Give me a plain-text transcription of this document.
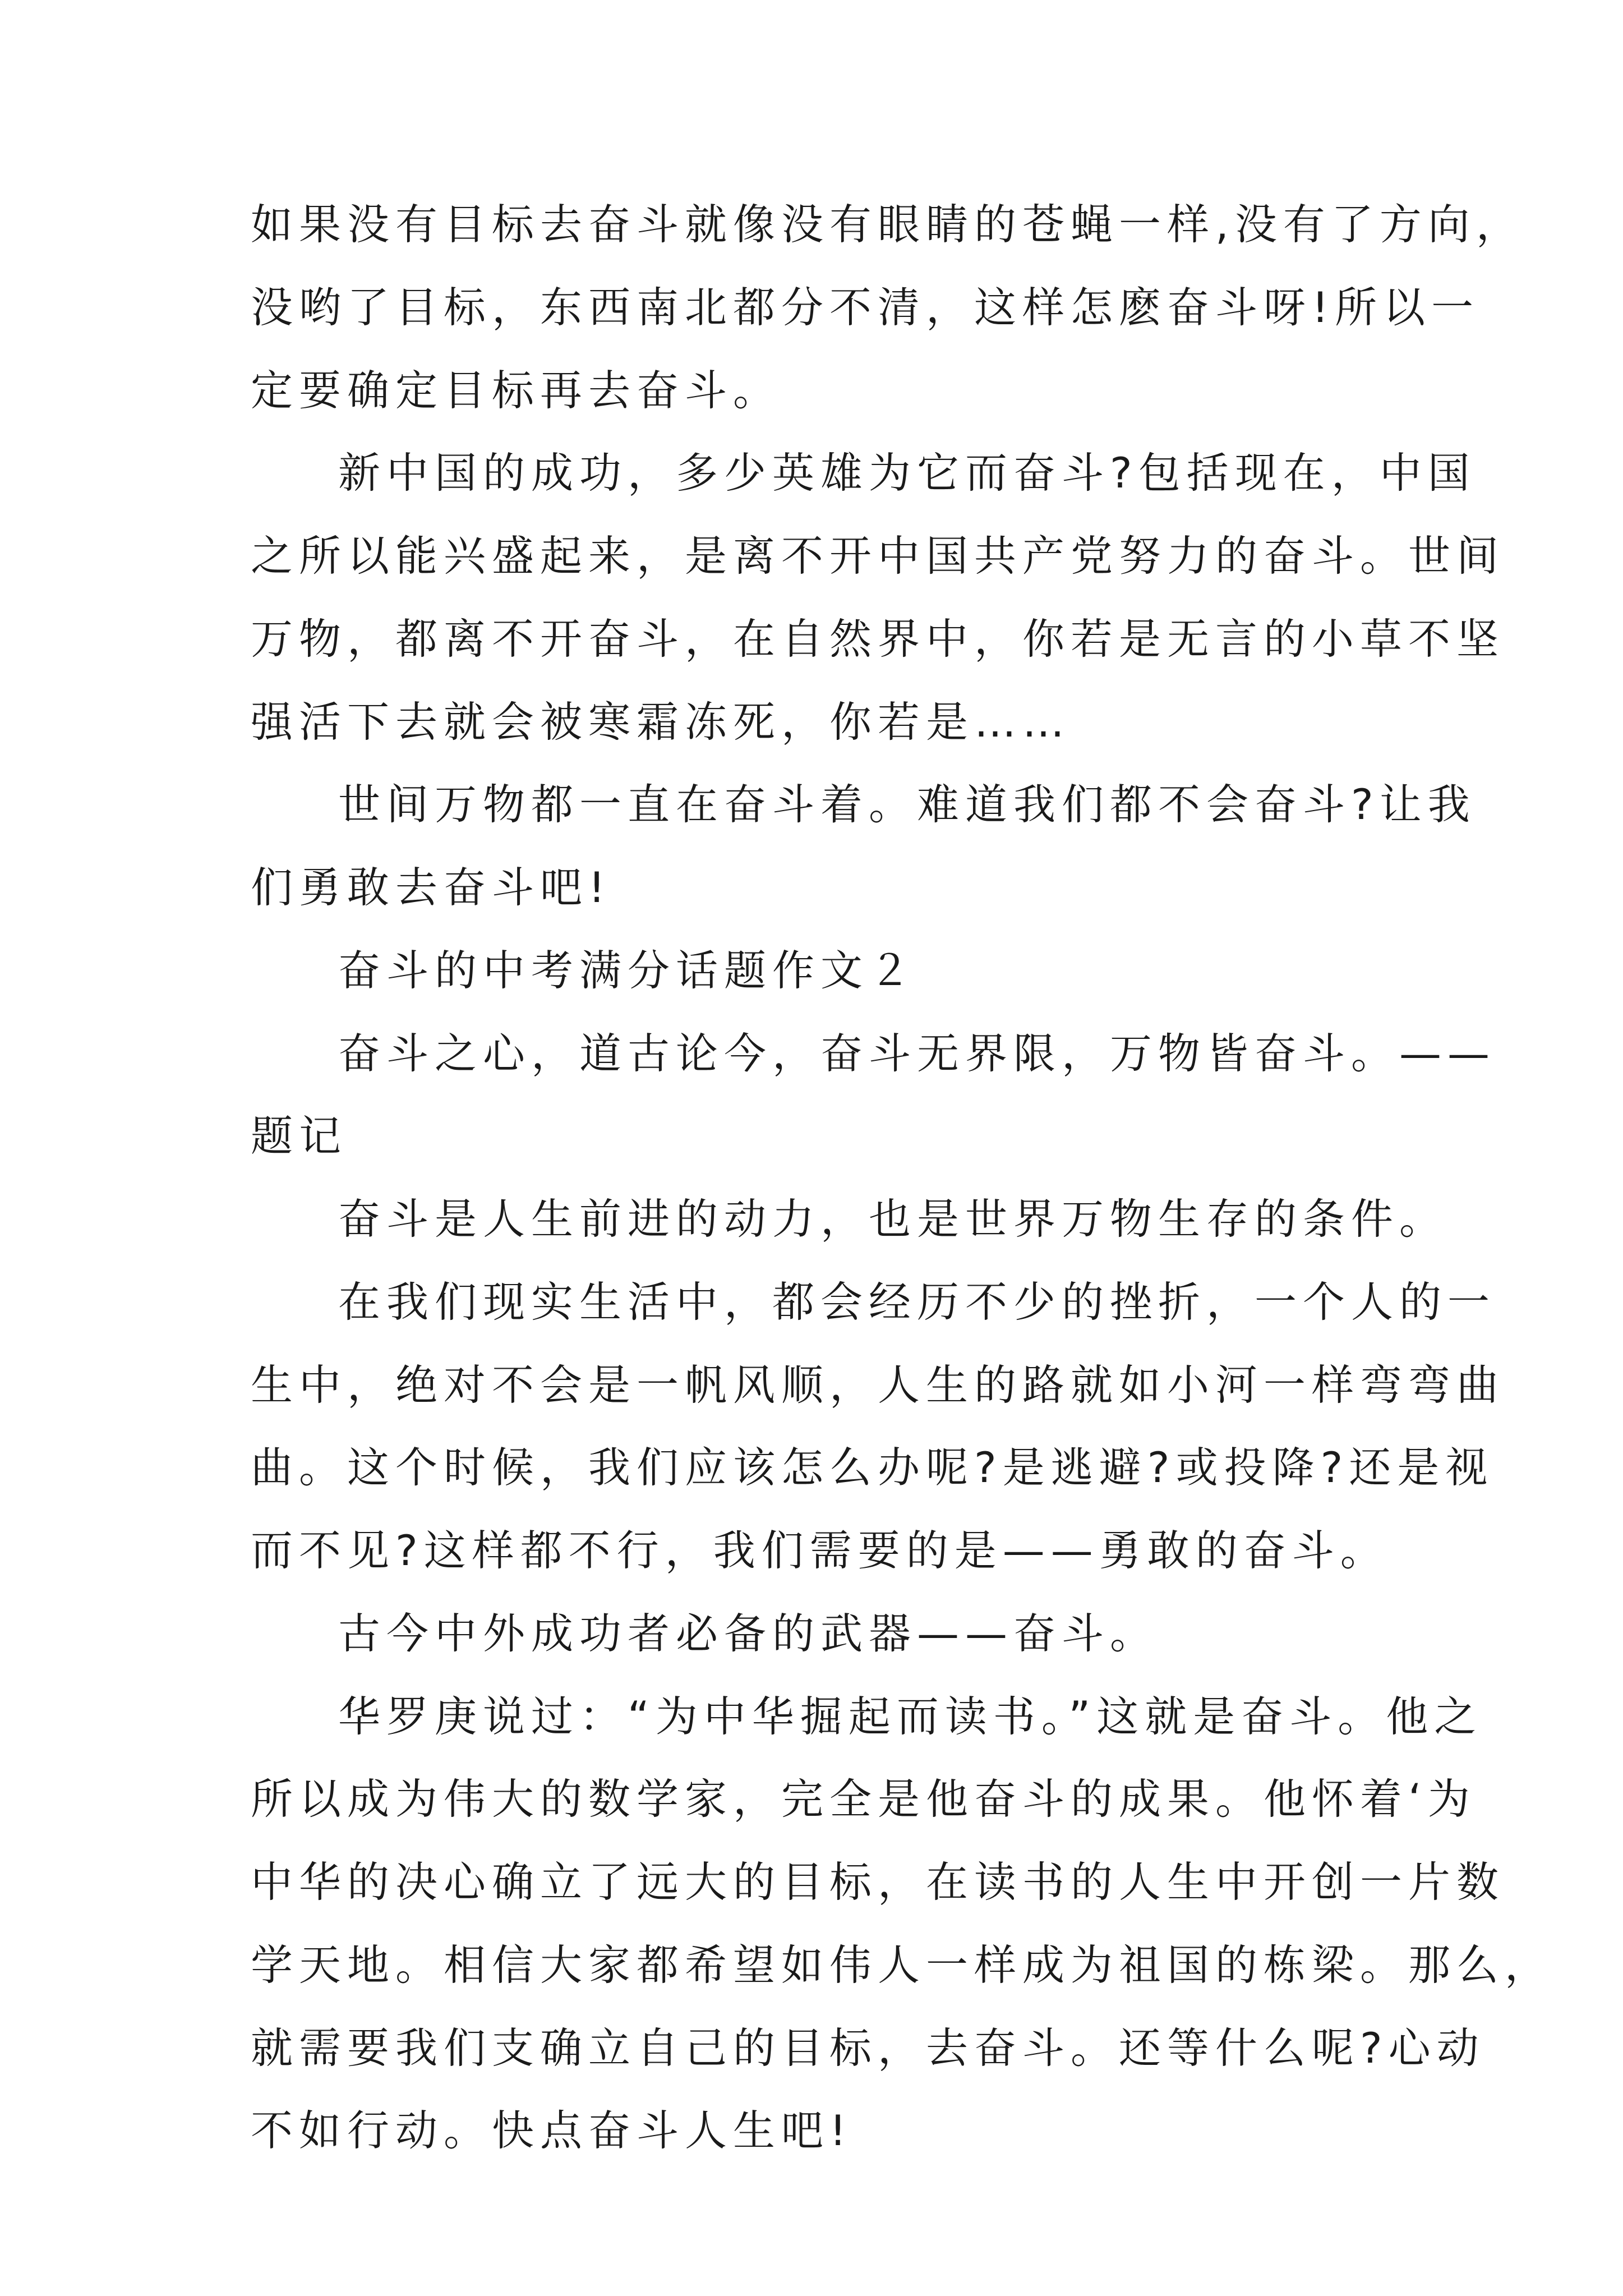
如果没有目标去奋斗就像没有眼睛的苍蝇一样,没有了方向，

没哟了目标，东西南北都分不清，这样怎麽奋斗呀!所以一

定要确定目标再去奋斗。

新中国的成功，多少英雄为它而奋斗?包括现在，中国

之所以能兴盛起来，是离不开中国共产党努力的奋斗。世间

万物，都离不开奋斗，在自然界中，你若是无言的小草不坚

强活下去就会被寒霜冻死，你若是……

世间万物都一直在奋斗着。难道我们都不会奋斗?让我

们勇敢去奋斗吧!

奋斗的中考满分话题作文２

奋斗之心，道古论今，奋斗无界限，万物皆奋斗。——

题记

奋斗是人生前进的动力，也是世界万物生存的条件。

在我们现实生活中，都会经历不少的挫折，一个人的一

生中，绝对不会是一帆风顺，人生的路就如小河一样弯弯曲

曲。这个时候，我们应该怎么办呢?是逃避?或投降?还是视

而不见?这样都不行，我们需要的是——勇敢的奋斗。

古今中外成功者必备的武器——奋斗。

华罗庚说过：“为中华掘起而读书。”这就是奋斗。他之

所以成为伟大的数学家，完全是他奋斗的成果。他怀着‘为

中华的决心确立了远大的目标，在读书的人生中开创一片数

学天地。相信大家都希望如伟人一样成为祖国的栋梁。那么，

就需要我们支确立自己的目标，去奋斗。还等什么呢?心动

不如行动。快点奋斗人生吧!
